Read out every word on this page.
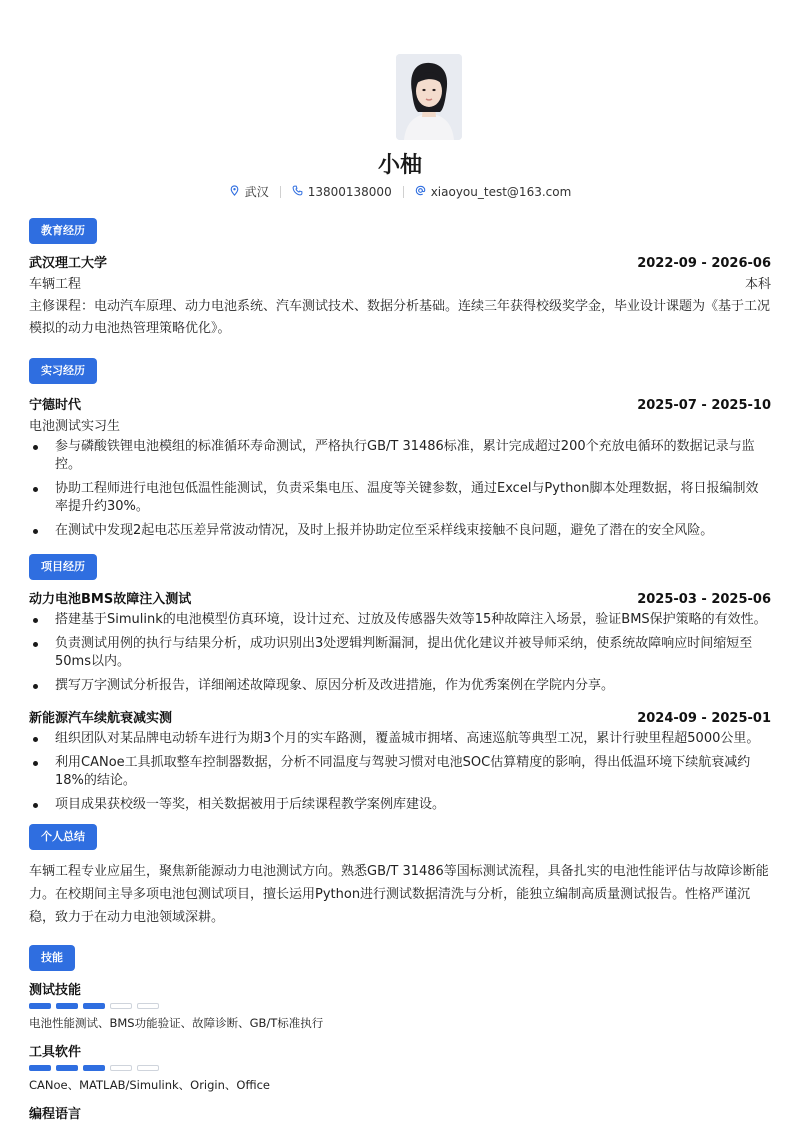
小柚
武汉	13800138000	xiaoyou_test@163.com
教育经历
武汉理工大学	2022-09 - 2026-06
车辆工程	本科

主修课程：电动汽车原理、动力电池系统、汽车测试技术、数据分析基础。连续三年获得校级奖学金，毕业设计课题为《基于工况模拟的动力电池热管理策略优化》。

实习经历
宁德时代	2025-07 - 2025-10
电池测试实习生
参与磷酸铁锂电池模组的标准循环寿命测试，严格执行GB/T 31486标准，累计完成超过200个充放电循环的数据记录与监控。
协助工程师进行电池包低温性能测试，负责采集电压、温度等关键参数，通过Excel与Python脚本处理数据，将日报编制效率提升约30%。
在测试中发现2起电芯压差异常波动情况，及时上报并协助定位至采样线束接触不良问题，避免了潜在的安全风险。
项目经历
动力电池BMS故障注入测试	2025-03 - 2025-06
搭建基于Simulink的电池模型仿真环境，设计过充、过放及传感器失效等15种故障注入场景，验证BMS保护策略的有效性。
负责测试用例的执行与结果分析，成功识别出3处逻辑判断漏洞，提出优化建议并被导师采纳，使系统故障响应时间缩短至50ms以内。
撰写万字测试分析报告，详细阐述故障现象、原因分析及改进措施，作为优秀案例在学院内分享。
新能源汽车续航衰减实测	2024-09 - 2025-01
组织团队对某品牌电动轿车进行为期3个月的实车路测，覆盖城市拥堵、高速巡航等典型工况，累计行驶里程超5000公里。
利用CANoe工具抓取整车控制器数据，分析不同温度与驾驶习惯对电池SOC估算精度的影响，得出低温环境下续航衰减约18%的结论。
项目成果获校级一等奖，相关数据被用于后续课程教学案例库建设。
个人总结

车辆工程专业应届生，聚焦新能源动力电池测试方向。熟悉GB/T 31486等国标测试流程，具备扎实的电池性能评估与故障诊断能力。在校期间主导多项电池包测试项目，擅长运用Python进行测试数据清洗与分析，能独立编制高质量测试报告。性格严谨沉稳，致力于在动力电池领域深耕。

技能
测试技能
电池性能测试、BMS功能验证、故障诊断、GB/T标准执行
工具软件
CANoe、MATLAB/Simulink、Origin、Office
编程语言
